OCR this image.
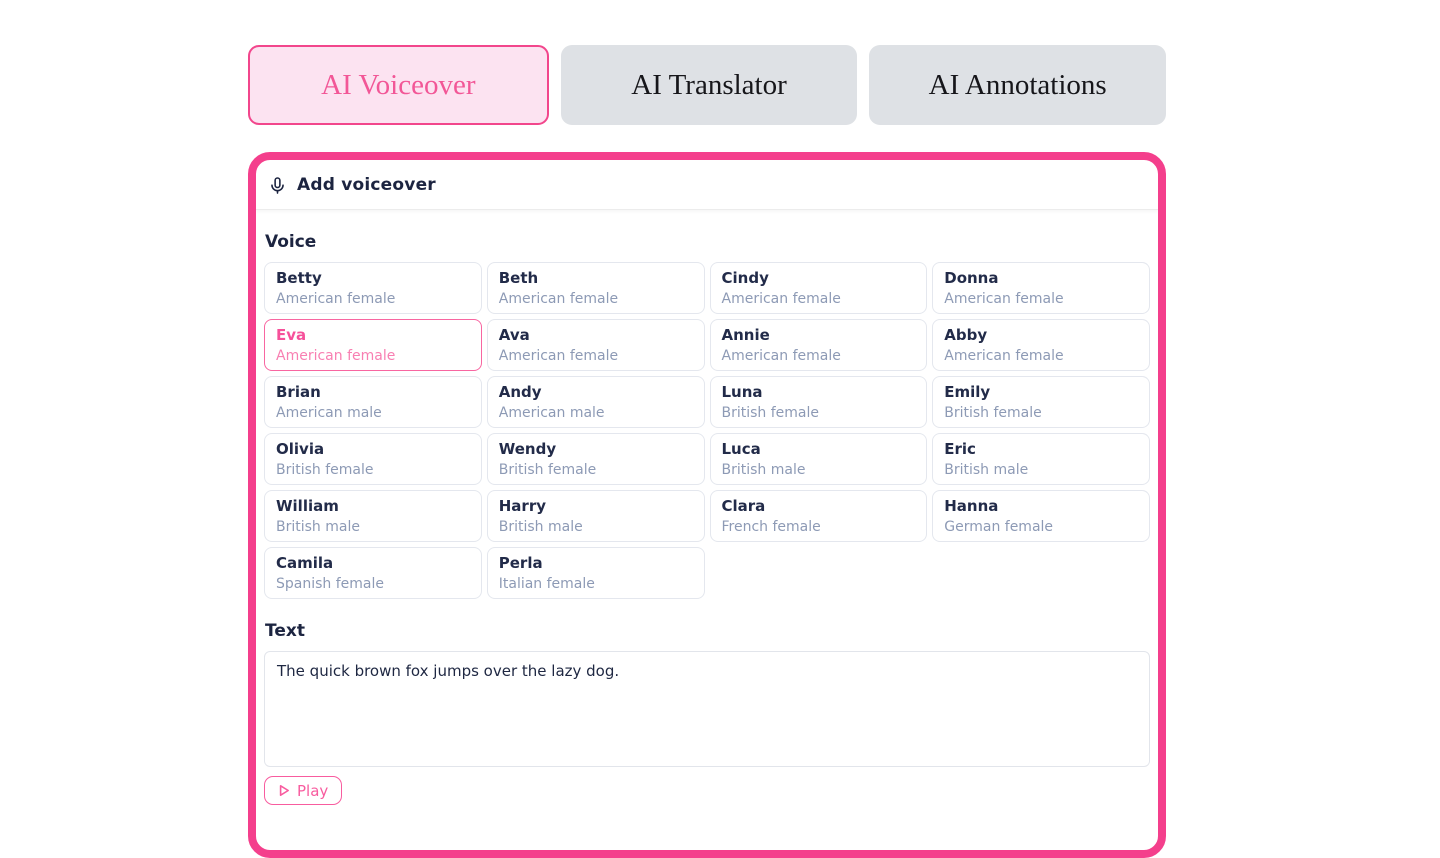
AI Voiceover	AI Translator	AI Annotations
Add voiceover
Voice
Betty
American female
Beth
American female
Cindy
American female
Donna
American female
Eva
American female
Ava
American female
Annie
American female
Abby
American female
Brian
American male
Andy
American male
Luna
British female
Emily
British female
Olivia
British female
Wendy
British female
Luca
British male
Eric
British male
William
British male
Harry
British male
Clara
French female
Hanna
German female
Camila
Spanish female
Perla
Italian female
Text
The quick brown fox jumps over the lazy dog.
Play
